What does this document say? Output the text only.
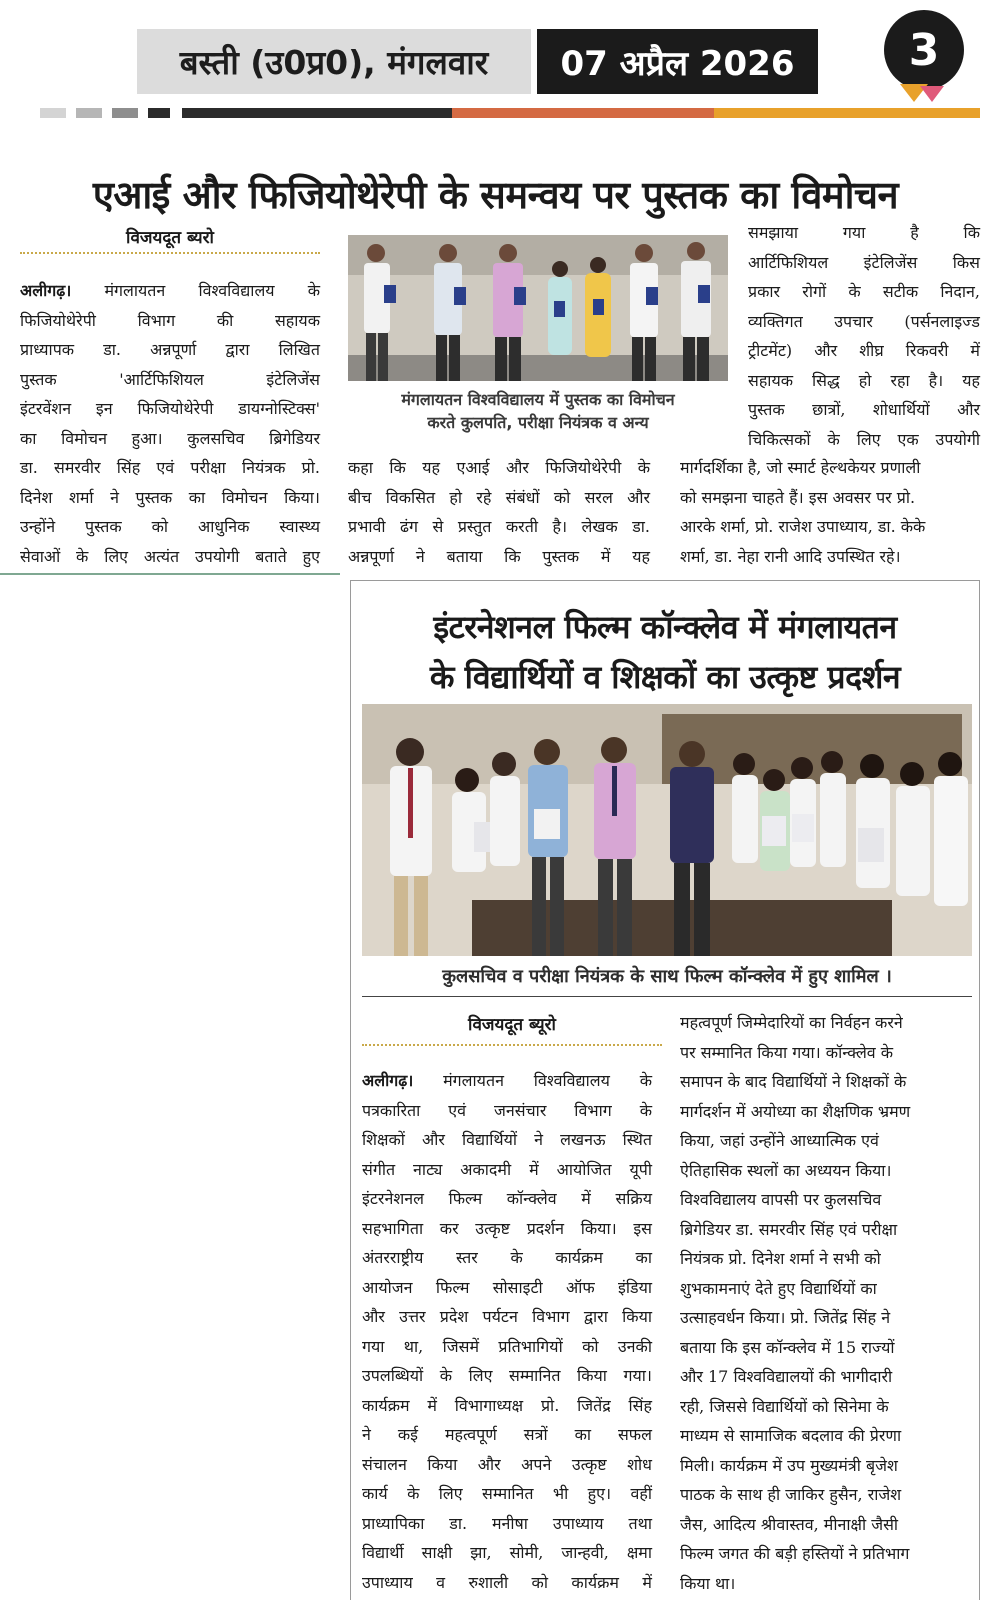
बस्ती (उ0प्र0), मंगलवार	07 अप्रैल 2026	3
एआई और फिजियोथेरेपी के समन्वय पर पुस्तक का विमोचन
विजयदूत ब्यरो
अलीगढ़। मंगलायतन विश्वविद्यालय के
फिजियोथेरेपी विभाग की सहायक
प्राध्यापक डा. अन्नपूर्णा द्वारा लिखित
पुस्तक 'आर्टिफिशियल इंटेलिजेंस
इंटरवेंशन इन फिजियोथेरेपी डायग्नोस्टिक्स'
का विमोचन हुआ। कुलसचिव ब्रिगेडियर
डा. समरवीर सिंह एवं परीक्षा नियंत्रक प्रो.
दिनेश शर्मा ने पुस्तक का विमोचन किया।
उन्होंने पुस्तक को आधुनिक स्वास्थ्य
सेवाओं के लिए अत्यंत उपयोगी बताते हुए
मंगलायतन विश्वविद्यालय में पुस्तक का विमोचन
करते कुलपति, परीक्षा नियंत्रक व अन्य
कहा कि यह एआई और फिजियोथेरेपी के
बीच विकसित हो रहे संबंधों को सरल और
प्रभावी ढंग से प्रस्तुत करती है। लेखक डा.
अन्नपूर्णा ने बताया कि पुस्तक में यह
समझाया गया है कि
आर्टिफिशियल इंटेलिजेंस किस
प्रकार रोगों के सटीक निदान,
व्यक्तिगत उपचार (पर्सनलाइज्ड
ट्रीटमेंट) और शीघ्र रिकवरी में
सहायक सिद्ध हो रहा है। यह
पुस्तक छात्रों, शोधार्थियों और
चिकित्सकों के लिए एक उपयोगी
मार्गदर्शिका है, जो स्मार्ट हेल्थकेयर प्रणाली
को समझना चाहते हैं। इस अवसर पर प्रो.
आरके शर्मा, प्रो. राजेश उपाध्याय, डा. केके
शर्मा, डा. नेहा रानी आदि उपस्थित रहे।
इंटरनेशनल फिल्म कॉन्क्लेव में मंगलायतन
के विद्यार्थियों व शिक्षकों का उत्कृष्ट प्रदर्शन
कुलसचिव व परीक्षा नियंत्रक के साथ फिल्म कॉन्क्लेव में हुए शामिल ।
विजयदूत ब्यूरो
अलीगढ़। मंगलायतन विश्वविद्यालय के
पत्रकारिता एवं जनसंचार विभाग के
शिक्षकों और विद्यार्थियों ने लखनऊ स्थित
संगीत नाट्य अकादमी में आयोजित यूपी
इंटरनेशनल फिल्म कॉन्क्लेव में सक्रिय
सहभागिता कर उत्कृष्ट प्रदर्शन किया। इस
अंतरराष्ट्रीय स्तर के कार्यक्रम का
आयोजन फिल्म सोसाइटी ऑफ इंडिया
और उत्तर प्रदेश पर्यटन विभाग द्वारा किया
गया था, जिसमें प्रतिभागियों को उनकी
उपलब्धियों के लिए सम्मानित किया गया।
कार्यक्रम में विभागाध्यक्ष प्रो. जितेंद्र सिंह
ने कई महत्वपूर्ण सत्रों का सफल
संचालन किया और अपने उत्कृष्ट शोध
कार्य के लिए सम्मानित भी हुए। वहीं
प्राध्यापिका डा. मनीषा उपाध्याय तथा
विद्यार्थी साक्षी झा, सोमी, जान्हवी, क्षमा
उपाध्याय व रुशाली को कार्यक्रम में
महत्वपूर्ण जिम्मेदारियों का निर्वहन करने
पर सम्मानित किया गया। कॉन्क्लेव के
समापन के बाद विद्यार्थियों ने शिक्षकों के
मार्गदर्शन में अयोध्या का शैक्षणिक भ्रमण
किया, जहां उन्होंने आध्यात्मिक एवं
ऐतिहासिक स्थलों का अध्ययन किया।
विश्वविद्यालय वापसी पर कुलसचिव
ब्रिगेडियर डा. समरवीर सिंह एवं परीक्षा
नियंत्रक प्रो. दिनेश शर्मा ने सभी को
शुभकामनाएं देते हुए विद्यार्थियों का
उत्साहवर्धन किया। प्रो. जितेंद्र सिंह ने
बताया कि इस कॉन्क्लेव में 15 राज्यों
और 17 विश्वविद्यालयों की भागीदारी
रही, जिससे विद्यार्थियों को सिनेमा के
माध्यम से सामाजिक बदलाव की प्रेरणा
मिली। कार्यक्रम में उप मुख्यमंत्री बृजेश
पाठक के साथ ही जाकिर हुसैन, राजेश
जैस, आदित्य श्रीवास्तव, मीनाक्षी जैसी
फिल्म जगत की बड़ी हस्तियों ने प्रतिभाग
किया था।
